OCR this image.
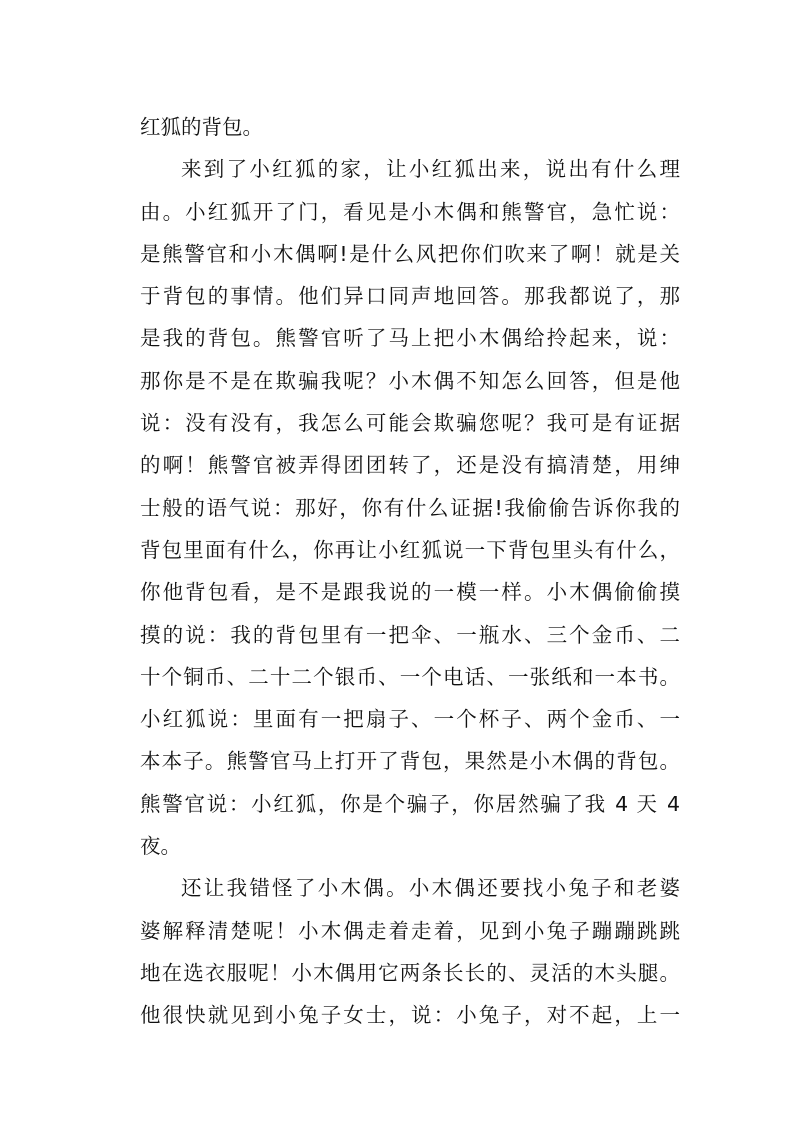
红狐的背包。
来到了小红狐的家，让小红狐出来，说出有什么理
由。小红狐开了门，看见是小木偶和熊警官，急忙说：
是熊警官和小木偶啊!是什么风把你们吹来了啊！就是关
于背包的事情。他们异口同声地回答。那我都说了，那
是我的背包。熊警官听了马上把小木偶给拎起来，说：
那你是不是在欺骗我呢？小木偶不知怎么回答，但是他
说：没有没有，我怎么可能会欺骗您呢？我可是有证据
的啊！熊警官被弄得团团转了，还是没有搞清楚，用绅
士般的语气说：那好，你有什么证据!我偷偷告诉你我的
背包里面有什么，你再让小红狐说一下背包里头有什么，
你他背包看，是不是跟我说的一模一样。小木偶偷偷摸
摸的说：我的背包里有一把伞、一瓶水、三个金币、二
十个铜币、二十二个银币、一个电话、一张纸和一本书。
小红狐说：里面有一把扇子、一个杯子、两个金币、一
本本子。熊警官马上打开了背包，果然是小木偶的背包。
熊警官说：小红狐，你是个骗子，你居然骗了我 4 天 4
夜。
还让我错怪了小木偶。小木偶还要找小兔子和老婆
婆解释清楚呢！小木偶走着走着，见到小兔子蹦蹦跳跳
地在选衣服呢！小木偶用它两条长长的、灵活的木头腿。
他很快就见到小兔子女士，说：小兔子，对不起，上一
